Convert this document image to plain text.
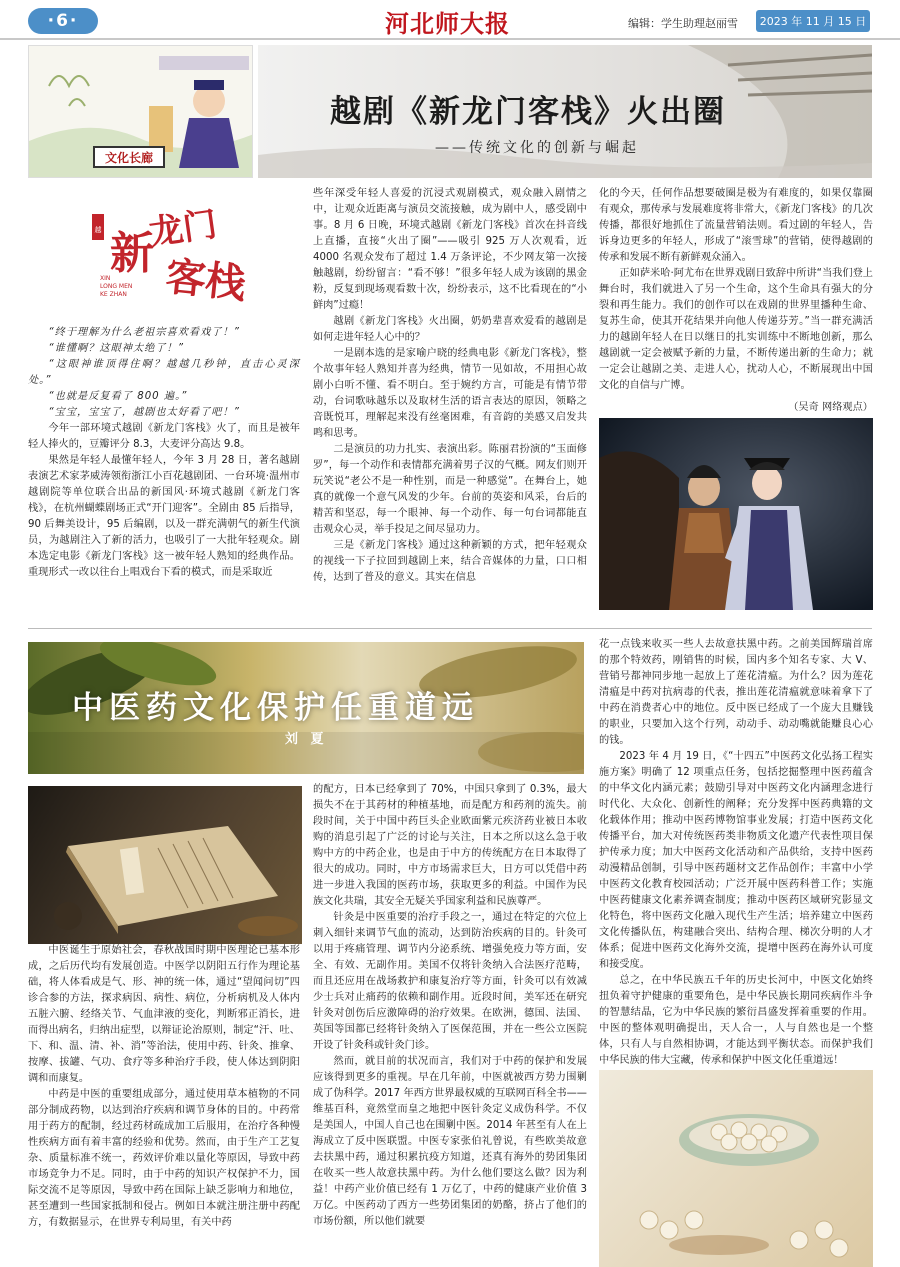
· 6 ·	河北师大报	编辑：学生助理赵丽雪	2023 年 11 月 15 日
文化长廊
越剧《新龙门客栈》火出圈
——传统文化的创新与崛起
越 新
龙门
客栈
XIN
LONG MEN
KE ZHAN

“终于理解为什么老祖宗喜欢看戏了！”

“谁懂啊？这眼神太绝了！”

“这眼神谁顶得住啊？越越几秒钟，直击心灵深处。”

“也就是反复看了 800 遍。”

“宝宝，宝宝了，越剧也太好看了吧！”

今年一部环境式越剧《新龙门客栈》火了，而且是被年轻人捧火的，豆瓣评分 8.3，大麦评分高达 9.8。

果然是年轻人最懂年轻人，今年 3 月 28 日，著名越剧表演艺术家茅威涛领衔浙江小百花越剧团、一台环境·温州市越剧院等单位联合出品的新国风·环境式越剧《新龙门客栈》，在杭州蝴蝶剧场正式“开门迎客”。全剧由 85 后指导，90 后舞美设计，95 后编剧，以及一群充满朝气的新生代演员，为越剧注入了新的活力，也吸引了一大批年轻观众。剧本选定电影《新龙门客栈》这一被年轻人熟知的经典作品。重现形式一改以往台上唱戏台下看的模式，而是采取近

些年深受年轻人喜爱的沉浸式观剧模式，观众融入剧情之中，让观众近距离与演员交流接触，成为剧中人，感受剧中事。8 月 6 日晚，环境式越剧《新龙门客栈》首次在抖音线上直播，直接“火出了圈”——吸引 925 万人次观看，近 4000 名观众发布了超过 1.4 万条评论，不少网友第一次接触越剧，纷纷留言：“看不够！”很多年轻人成为该剧的黑金粉，反复到现场观看数十次，纷纷表示，这不比看现在的“小鲜肉”过瘾！

越剧《新龙门客栈》火出圈，奶奶辈喜欢爱看的越剧是如何走进年轻人心中的？

一是剧本选的是家喻户晓的经典电影《新龙门客栈》，整个故事年轻人熟知并喜为经典，情节一见如故，不用担心故剧小白听不懂、看不明白。至于婉约方言，可能是有情节带动，台词歌咏越乐以及取材生活的语言表达的原因，领略之音既悦耳，理解起来没有丝毫困难，有音韵的美感又启发共鸣和思考。

二是演员的功力扎实、表演出彩。陈丽君扮演的“玉面修罗”，每一个动作和表情都充满着男子汉的气概。网友们则开玩笑说“老公不是一种性别，而是一种感觉”。在舞台上，她真的就像一个意气风发的少年。台前的英姿和风采，台后的精苦和坚忍，每一个眼神、每一个动作、每一句台词都能直击观众心灵，举手投足之间尽显功力。

三是《新龙门客栈》通过这种新颖的方式，把年轻观众的视线一下子拉回到越剧上来，结合音媒体的力量，口口相传，达到了普及的意义。其实在信息

化的今天，任何作品想要破圈是极为有难度的，如果仅靠圈有观众，那传承与发展难度将非常大，《新龙门客栈》的几次传播，都很好地抓住了流量营销法则。看过剧的年轻人，告诉身边更多的年轻人，形成了“滚雪球”的营销，使得越剧的传承和发展不断有新鲜观众涌入。

正如萨米哈·阿尤布在世界戏剧日致辞中所讲“当我们登上舞台时，我们就进入了另一个生命，这个生命具有强大的分裂和再生能力。我们的创作可以在戏剧的世界里播种生命、复苏生命，使其开花结果并向他人传递芬芳。”当一群充满活力的越剧年轻人在日以继日的扎实训练中不断地创新，那么越剧就一定会被赋予新的力量，不断传递出新的生命力；就一定会让越剧之美、走进人心，扰动人心，不断展现出中国文化的自信与广博。

（吴奇 网络观点）

中医药文化保护任重道远
刘 夏

中医诞生于原始社会，春秋战国时期中医理论已基本形成，之后历代均有发展创造。中医学以阴阳五行作为理论基础，将人体看成是气、形、神的统一体，通过“望闻问切”四诊合参的方法，探求病因、病性、病位，分析病机及人体内五脏六腑、经络关节、气血津液的变化，判断邪正消长，进而得出病名，归纳出症型，以辩证论治原则，制定“汗、吐、下、和、温、清、补、消”等治法，使用中药、针灸、推拿、按摩、拔罐、气功、食疗等多种治疗手段，使人体达到阴阳调和而康复。

中药是中医的重要组成部分，通过使用草本植物的不同部分制成药物，以达到治疗疾病和调节身体的目的。中药常用于药方的配制，经过药材疏成加工后服用，在治疗各种慢性疾病方面有着丰富的经验和优势。然而，由于生产工艺复杂、质量标准不统一，药效评价难以量化等原因，导致中药市场竞争力不足。同时，由于中药的知识产权保护不力，国际交流不足等原因，导致中药在国际上缺乏影响力和地位，甚至遭到一些国家抵制和侵占。例如日本就注册注册中药配方，有数据显示，在世界专利局里，有关中药

的配方，日本已经拿到了 70%，中国只拿到了 0.3%，最大损失不在于其药材的种植基地，而是配方和药剂的流失。前段时间，关于中国中药巨头企业欧面紫元疾济药业被日本收购的消息引起了广泛的讨论与关注，日本之所以这么急于收购中方的中药企业，也是由于中方的传统配方在日本取得了很大的成功。同时，中方市场需求巨大，日方可以凭借中药进一步进入我国的医药市场，获取更多的利益。中国作为民族文化共瑞，其安全无疑关乎国家利益和民族尊严。

针灸是中医重要的治疗手段之一，通过在特定的穴位上刺入细针来调节气血的流动，达到防治疾病的目的。针灸可以用于疼痛管理、调节内分泌系统、增强免疫力等方面，安全、有效、无副作用。美国不仅将针灸纳入合法医疗范畴，而且还应用在战场救护和康复治疗等方面，针灸可以有效减少士兵对止痛药的依赖和副作用。近段时间，美军还在研究针灸对创伤后应激障碍的治疗效果。在欧洲，德国、法国、英国等国都已经将针灸纳入了医保范围，并在一些公立医院开设了针灸科或针灸门诊。

然而，就目前的状况而言，我们对于中药的保护和发展应该得到更多的重视。早在几年前，中医就被西方势力围剿成了伪科学。2017 年西方世界最权威的互联网百科全书——维基百科，竟然堂而皇之地把中医针灸定义成伪科学。不仅是美国人，中国人自己也在围剿中医。2014 年甚至有人在上海成立了反中医联盟。中医专家张伯礼曾说，有些欧美故意去扶黑中药，通过积累抗疫方知道，还真有海外的势团集团在收买一些人故意扶黑中药。为什么他们要这么做？因为利益！中药产业价值已经有 1 万亿了，中药的健康产业价值 3 万亿。中医药动了西方一些势团集团的奶酪，挤占了他们的市场份额，所以他们就要

花一点钱来收买一些人去故意扶黑中药。之前美国辉瑞首席的那个特效药，刚销售的时候，国内多个知名专家、大 V、营销号都神同步地一起放上了莲花清瘟。为什么？因为莲花清瘟是中药对抗病毒的代表，推出莲花清瘟就意味着拿下了中药在消费者心中的地位。反中医已经成了一个庞大且赚钱的职业，只要加入这个行列，动动手、动动嘴就能赚良心心的钱。

2023 年 4 月 19 日，《“十四五”中医药文化弘扬工程实施方案》明确了 12 项重点任务，包括挖掘整理中医药蕴含的中华文化内涵元素；鼓励引导对中医药文化内涵理念进行时代化、大众化、创新性的阐释；充分发挥中医药典籍的文化载体作用；推动中医药博物馆事业发展；打造中医药文化传播平台，加大对传统医药类非物质文化遗产代表性项目保护传承力度；加大中医药文化活动和产品供给，支持中医药动漫精品创制，引导中医药题材文艺作品创作；丰富中小学中医药文化教育校园活动；广泛开展中医药科普工作；实施中医药健康文化素养调查制度；推动中医药区域研究影显文化特色，将中医药文化融入现代生产生活；培养建立中医药文化传播队伍，构建融合突出、结构合理、梯次分明的人才体系；促进中医药文化海外交流，提增中医药在海外认可度和接受度。

总之，在中华民族五千年的历史长河中，中医文化始终扭负着守护健康的重要角色，是中华民族长期同疾病作斗争的智慧结晶，它为中华民族的繁衍昌盛发挥着重要的作用。中医的整体观明确提出，天人合一，人与自然也是一个整体，只有人与自然相协调，才能达到平衡状态。而保护我们中华民族的伟大宝藏，传承和保护中医文化任重道远！
